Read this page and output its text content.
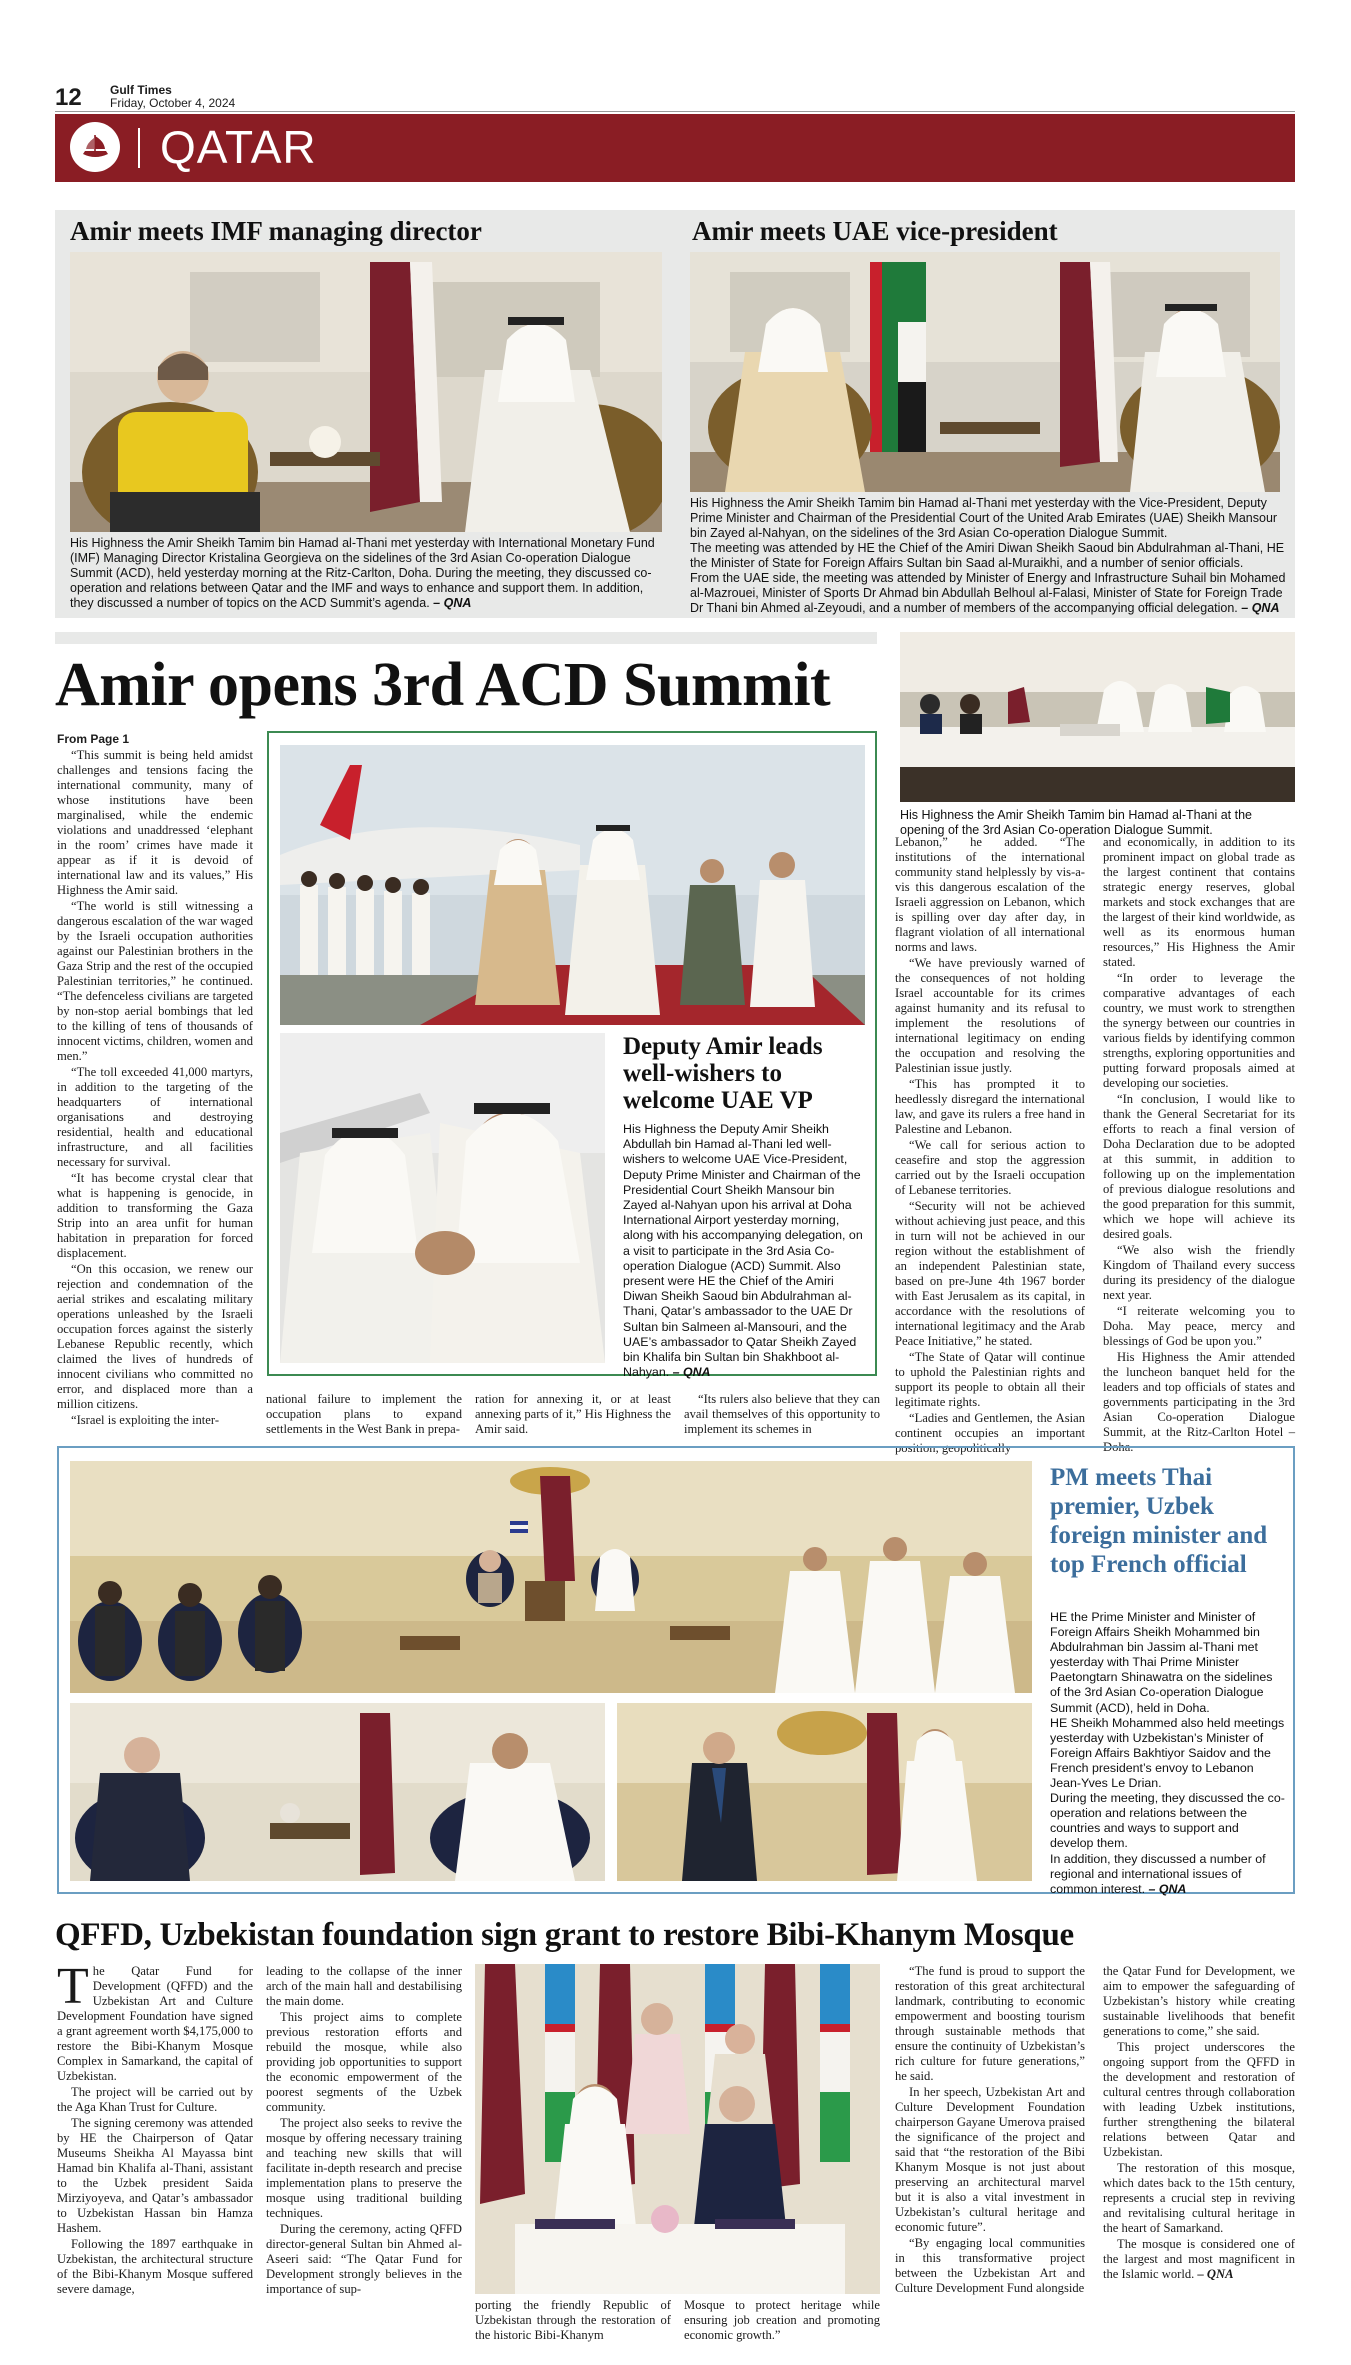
12 Gulf Times
Friday, October 4, 2024
QATAR
Amir meets IMF managing director
His Highness the Amir Sheikh Tamim bin Hamad al-Thani met yesterday with International Monetary Fund (IMF) Managing Director Kristalina Georgieva on the sidelines of the 3rd Asian Co-operation Dialogue Summit (ACD), held yesterday morning at the Ritz-Carlton, Doha. During the meeting, they discussed co-operation and relations between Qatar and the IMF and ways to enhance and support them. In addition, they discussed a number of topics on the ACD Summit’s agenda. – QNA
Amir meets UAE vice-president
His Highness the Amir Sheikh Tamim bin Hamad al-Thani met yesterday with the Vice-President, Deputy Prime Minister and Chairman of the Presidential Court of the United Arab Emirates (UAE) Sheikh Mansour bin Zayed al-Nahyan, on the sidelines of the 3rd Asian Co-operation Dialogue Summit.
The meeting was attended by HE the Chief of the Amiri Diwan Sheikh Saoud bin Abdulrahman al-Thani, HE the Minister of State for Foreign Affairs Sultan bin Saad al-Muraikhi, and a number of senior officials.
From the UAE side, the meeting was attended by Minister of Energy and Infrastructure Suhail bin Mohamed al-Mazrouei, Minister of Sports Dr Ahmad bin Abdullah Belhoul al-Falasi, Minister of State for Foreign Trade Dr Thani bin Ahmed al-Zeyoudi, and a number of members of the accompanying official delegation. – QNA
Amir opens 3rd ACD Summit
His Highness the Amir Sheikh Tamim bin Hamad al-Thani at the opening of the 3rd Asian Co-operation Dialogue Summit.
From Page 1

“This summit is being held amidst challenges and tensions facing the international community, many of whose institutions have been marginalised, while the endemic violations and unaddressed ‘elephant in the room’ crimes have made it appear as if it is devoid of international law and its values,” His Highness the Amir said.

“The world is still witnessing a dangerous escalation of the war waged by the Israeli occupation authorities against our Palestinian brothers in the Gaza Strip and the rest of the occupied Palestinian territories,” he continued. “The defenceless civilians are targeted by non-stop aerial bombings that led to the killing of tens of thousands of innocent victims, children, women and men.”

“The toll exceeded 41,000 martyrs, in addition to the targeting of the headquarters of international organisations and destroying residential, health and educational infrastructure, and all facilities necessary for survival.

“It has become crystal clear that what is happening is genocide, in addition to transforming the Gaza Strip into an area unfit for human habitation in preparation for forced displacement.

“On this occasion, we renew our rejection and condemnation of the aerial strikes and escalating military operations unleashed by the Israeli occupation forces against the sisterly Lebanese Republic recently, which claimed the lives of hundreds of innocent civilians who committed no error, and displaced more than a million citizens.

“Israel is exploiting the inter-

Deputy Amir leads well-wishers to welcome UAE VP
His Highness the Deputy Amir Sheikh Abdullah bin Hamad al-Thani led well-wishers to welcome UAE Vice-President, Deputy Prime Minister and Chairman of the Presidential Court Sheikh Mansour bin Zayed al-Nahyan upon his arrival at Doha International Airport yesterday morning, along with his accompanying delegation, on a visit to participate in the 3rd Asia Co-operation Dialogue (ACD) Summit. Also present were HE the Chief of the Amiri Diwan Sheikh Saoud bin Abdulrahman al-Thani, Qatar’s ambassador to the UAE Dr Sultan bin Salmeen al-Mansouri, and the UAE’s ambassador to Qatar Sheikh Zayed bin Khalifa bin Sultan bin Shakhboot al-Nahyan. – QNA

national failure to implement the occupation plans to expand settlements in the West Bank in prepa-

ration for annexing it, or at least annexing parts of it,” His Highness the Amir said.

“Its rulers also believe that they can avail themselves of this opportunity to implement its schemes in

Lebanon,” he added. “The institutions of the international community stand helplessly by vis-a-vis this dangerous escalation of the Israeli aggression on Lebanon, which is spilling over day after day, in flagrant violation of all international norms and laws.

“We have previously warned of the consequences of not holding Israel accountable for its crimes against humanity and its refusal to implement the resolutions of international legitimacy on ending the occupation and resolving the Palestinian issue justly.

“This has prompted it to heedlessly disregard the international law, and gave its rulers a free hand in Palestine and Lebanon.

“We call for serious action to ceasefire and stop the aggression carried out by the Israeli occupation of Lebanese territories.

“Security will not be achieved without achieving just peace, and this in turn will not be achieved in our region without the establishment of an independent Palestinian state, based on pre-June 4th 1967 border with East Jerusalem as its capital, in accordance with the resolutions of international legitimacy and the Arab Peace Initiative,” he stated.

“The State of Qatar will continue to uphold the Palestinian rights and support its people to obtain all their legitimate rights.

“Ladies and Gentlemen, the Asian continent occupies an important position, geopolitically

and economically, in addition to its prominent impact on global trade as the largest continent that contains strategic energy reserves, global markets and stock exchanges that are the largest of their kind worldwide, as well as its enormous human resources,” His Highness the Amir stated.

“In order to leverage the comparative advantages of each country, we must work to strengthen the synergy between our countries in various fields by identifying common strengths, exploring opportunities and putting forward proposals aimed at developing our societies.

“In conclusion, I would like to thank the General Secretariat for its efforts to reach a final version of Doha Declaration due to be adopted at this summit, in addition to following up on the implementation of previous dialogue resolutions and the good preparation for this summit, which we hope will achieve its desired goals.

“We also wish the friendly Kingdom of Thailand every success during its presidency of the dialogue next year.

“I reiterate welcoming you to Doha. May peace, mercy and blessings of God be upon you.”

His Highness the Amir attended the luncheon banquet held for the leaders and top officials of states and governments participating in the 3rd Asian Co-operation Dialogue Summit, at the Ritz-Carlton Hotel – Doha.

PM meets Thai premier, Uzbek foreign minister and top French official
HE the Prime Minister and Minister of Foreign Affairs Sheikh Mohammed bin Abdulrahman bin Jassim al-Thani met yesterday with Thai Prime Minister Paetongtarn Shinawatra on the sidelines of the 3rd Asian Co-operation Dialogue Summit (ACD), held in Doha.
HE Sheikh Mohammed also held meetings yesterday with Uzbekistan’s Minister of Foreign Affairs Bakhtiyor Saidov and the French president’s envoy to Lebanon Jean-Yves Le Drian.
During the meeting, they discussed the co-operation and relations between the countries and ways to support and develop them.
In addition, they discussed a number of regional and international issues of common interest. – QNA
QFFD, Uzbekistan foundation sign grant to restore Bibi-Khanym Mosque

The Qatar Fund for Development (QFFD) and the Uzbekistan Art and Culture Development Foundation have signed a grant agreement worth $4,175,000 to restore the Bibi-Khanym Mosque Complex in Samarkand, the capital of Uzbekistan.

The project will be carried out by the Aga Khan Trust for Culture.

The signing ceremony was attended by HE the Chairperson of Qatar Museums Sheikha Al Mayassa bint Hamad bin Khalifa al-Thani, assistant to the Uzbek president Saida Mirziyoyeva, and Qatar’s ambassador to Uzbekistan Hassan bin Hamza Hashem.

Following the 1897 earthquake in Uzbekistan, the architectural structure of the Bibi-Khanym Mosque suffered severe damage,

leading to the collapse of the inner arch of the main hall and destabilising the main dome.

This project aims to complete previous restoration efforts and rebuild the mosque, while also providing job opportunities to support the economic empowerment of the poorest segments of the Uzbek community.

The project also seeks to revive the mosque by offering necessary training and teaching new skills that will facilitate in-depth research and precise implementation plans to preserve the mosque using traditional building techniques.

During the ceremony, acting QFFD director-general Sultan bin Ahmed al-Aseeri said: “The Qatar Fund for Development strongly believes in the importance of sup-

porting the friendly Republic of Uzbekistan through the restoration of the historic Bibi-Khanym

Mosque to protect heritage while ensuring job creation and promoting economic growth.”

“The fund is proud to support the restoration of this great architectural landmark, contributing to economic empowerment and boosting tourism through sustainable methods that ensure the continuity of Uzbekistan’s rich culture for future generations,” he said.

In her speech, Uzbekistan Art and Culture Development Foundation chairperson Gayane Umerova praised the significance of the project and said that “the restoration of the Bibi Khanym Mosque is not just about preserving an architectural marvel but it is also a vital investment in Uzbekistan’s cultural heritage and economic future”.

“By engaging local communities in this transformative project between the Uzbekistan Art and Culture Development Fund alongside

the Qatar Fund for Development, we aim to empower the safeguarding of Uzbekistan’s history while creating sustainable livelihoods that benefit generations to come,” she said.

This project underscores the ongoing support from the QFFD in the development and restoration of cultural centres through collaboration with leading Uzbek institutions, further strengthening the bilateral relations between Qatar and Uzbekistan.

The restoration of this mosque, which dates back to the 15th century, represents a crucial step in reviving and revitalising cultural heritage in the heart of Samarkand.

The mosque is considered one of the largest and most magnificent in the Islamic world. – QNA
